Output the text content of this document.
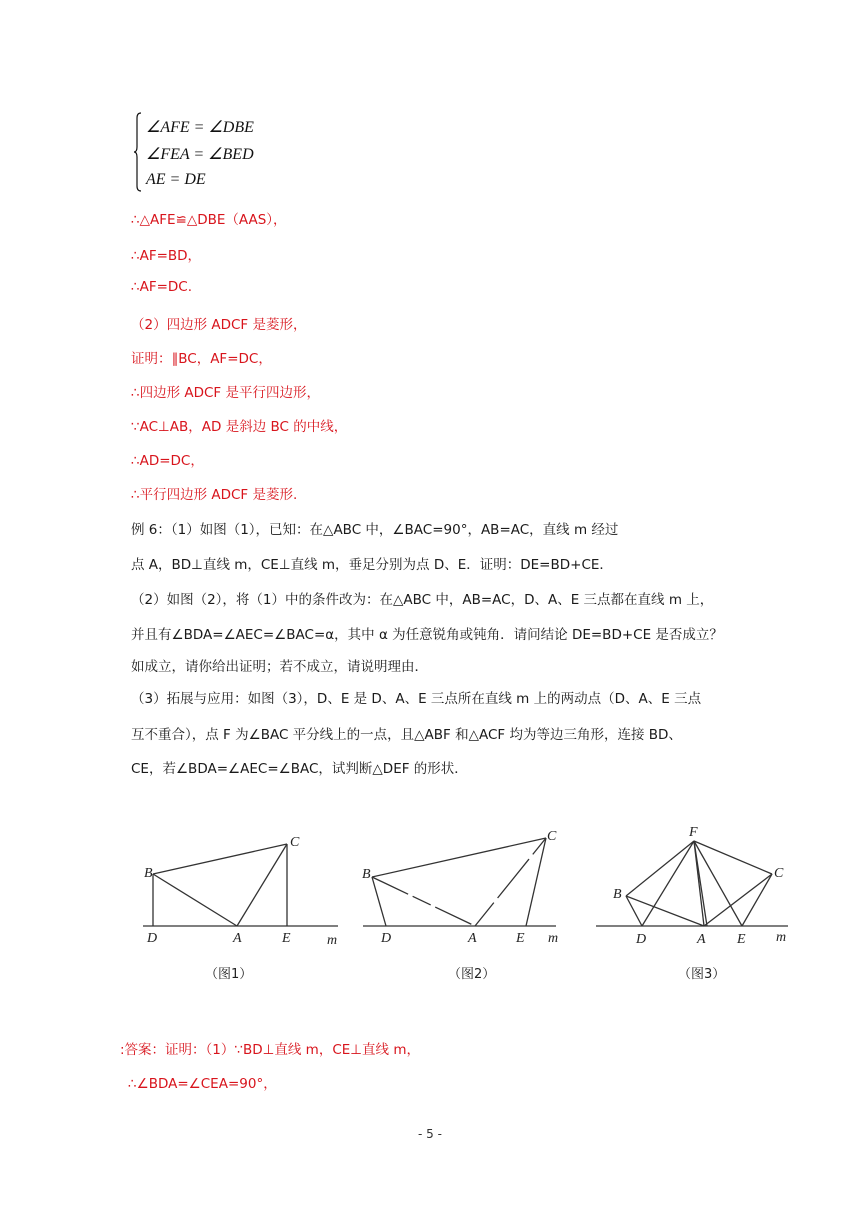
∠AFE = ∠DBE
∠FEA = ∠BED
AE = DE
∴△AFE≌△DBE（AAS），
∴AF=BD，
∴AF=DC.
（2）四边形 ADCF 是菱形，
证明：∥BC，AF=DC，
∴四边形 ADCF 是平行四边形，
∵AC⊥AB，AD 是斜边 BC 的中线，
∴AD=DC，
∴平行四边形 ADCF 是菱形.
例 6：（1）如图（1），已知：在△ABC 中，∠BAC=90°，AB=AC，直线 m 经过
点 A，BD⊥直线 m，CE⊥直线 m，垂足分别为点 D、E．证明：DE=BD+CE．
（2）如图（2），将（1）中的条件改为：在△ABC 中，AB=AC，D、A、E 三点都在直线 m 上，
并且有∠BDA=∠AEC=∠BAC=α，其中 α 为任意锐角或钝角．请问结论 DE=BD+CE 是否成立？
如成立，请你给出证明；若不成立，请说明理由．
（3）拓展与应用：如图（3），D、E 是 D、A、E 三点所在直线 m 上的两动点（D、A、E 三点
互不重合），点 F 为∠BAC 平分线上的一点，且△ABF 和△ACF 均为等边三角形，连接 BD、
CE，若∠BDA=∠AEC=∠BAC，试判断△DEF 的形状．
B
C
D	A	E	m
（图1）
B
C
D	A	E m
（图2）
F
B
C
D	A E m
（图3）
:答案：证明：（1）∵BD⊥直线 m，CE⊥直线 m，
∴∠BDA=∠CEA=90°，
- 5 -
